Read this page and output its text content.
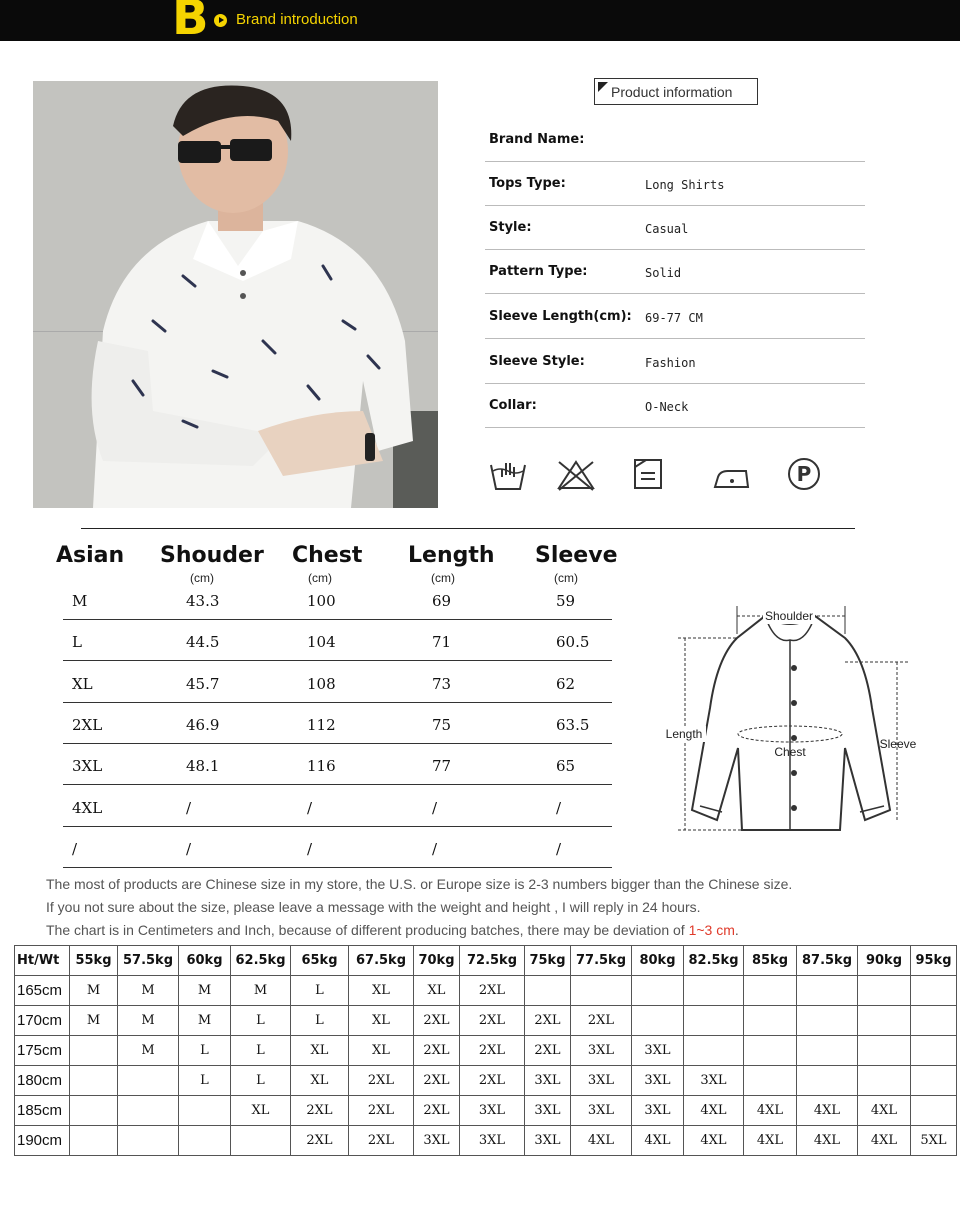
B Brand introduction
Product information
Brand Name:
Tops Type:	Long Shirts
Style:	Casual
Pattern Type:	Solid
Sleeve Length(cm): 69-77 CM
Sleeve Style:	Fashion
Collar:	O-Neck
P
Asian Shouder Chest Length Sleeve
(cm)	(cm)	(cm)	(cm)
M	43.3	100	69	59
L	44.5	104	71	60.5
XL	45.7	108	73	62
2XL	46.9	112	75	63.5
3XL	48.1	116	77	65
4XL	/	/	/	/
/	/	/	/	/
Shoulder
Length
Chest
Sleeve
The most of products are Chinese size in my store, the U.S. or Europe size is 2-3 numbers bigger than the Chinese size.
If you not sure about the size, please leave a message with the weight and height , I will reply in 24 hours.
The chart is in Centimeters and Inch, because of different producing batches, there may be deviation of 1~3 cm.
Ht/Wt	55kg	57.5kg	60kg	62.5kg	65kg	67.5kg	70kg	72.5kg	75kg	77.5kg	80kg	82.5kg	85kg	87.5kg	90kg	95kg
165cm	M	M	M	M	L	XL	XL	2XL								
170cm	M	M	M	L	L	XL	2XL	2XL	2XL	2XL						
175cm		M	L	L	XL	XL	2XL	2XL	2XL	3XL	3XL					
180cm			L	L	XL	2XL	2XL	2XL	3XL	3XL	3XL	3XL				
185cm				XL	2XL	2XL	2XL	3XL	3XL	3XL	3XL	4XL	4XL	4XL	4XL	
190cm					2XL	2XL	3XL	3XL	3XL	4XL	4XL	4XL	4XL	4XL	4XL	5XL
